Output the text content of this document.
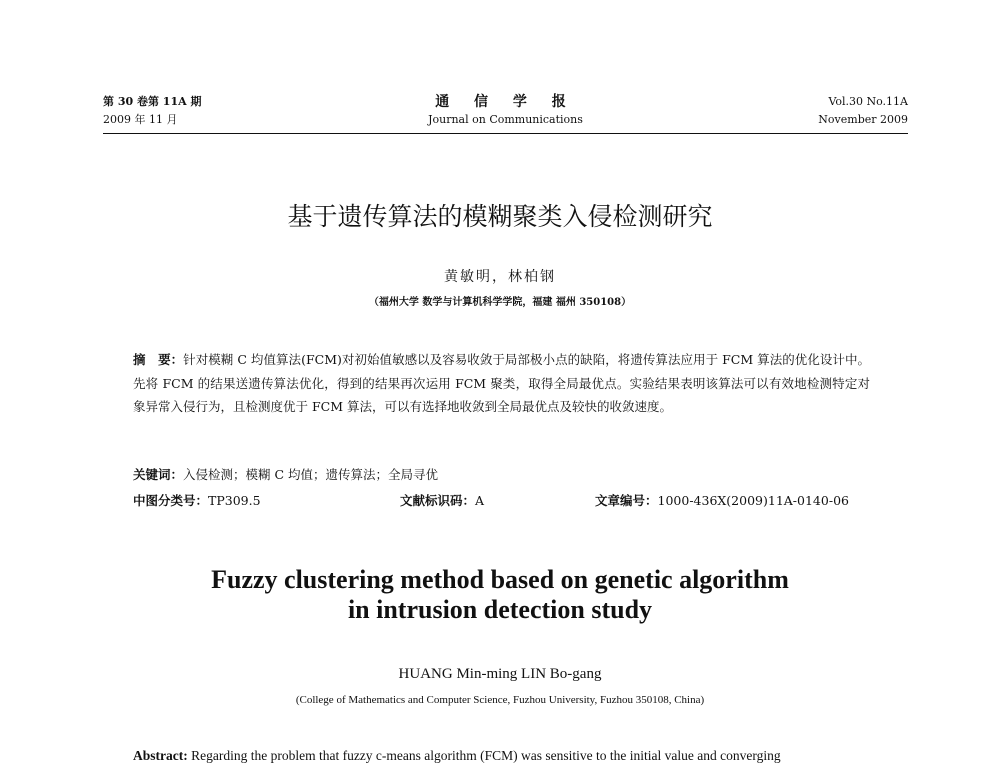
第 30 卷第 11A 期
2009 年 11 月
通 信 学 报
Journal on Communications
Vol.30 No.11A
November 2009
基于遗传算法的模糊聚类入侵检测研究
黄敏明，林柏钢
（福州大学 数学与计算机科学学院，福建 福州 350108）
摘　要：针对模糊 C 均值算法(FCM)对初始值敏感以及容易收敛于局部极小点的缺陷，将遗传算法应用于 FCM 算法的优化设计中。先将 FCM 的结果送遗传算法优化，得到的结果再次运用 FCM 聚类，取得全局最优点。实验结果表明该算法可以有效地检测特定对象异常入侵行为，且检测度优于 FCM 算法，可以有选择地收敛到全局最优点及较快的收敛速度。
关键词：入侵检测；模糊 C 均值；遗传算法；全局寻优
中图分类号：TP309.5	文献标识码：A	文章编号：1000-436X(2009)11A-0140-06
Fuzzy clustering method based on genetic algorithm
in intrusion detection study
HUANG Min-ming LIN Bo-gang
(College of Mathematics and Computer Science, Fuzhou University, Fuzhou 350108, China)
Abstract: Regarding the problem that fuzzy c-means algorithm (FCM) was sensitive to the initial value and converging
